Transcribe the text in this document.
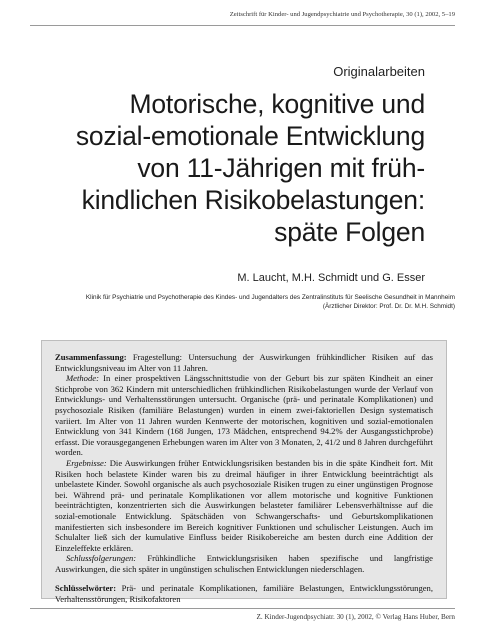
Zeitschrift für Kinder- und Jugendpsychiatrie und Psychotherapie, 30 (1), 2002, 5–19
Originalarbeiten
Motorische, kognitive und
sozial-emotionale Entwicklung
von 11-Jährigen mit früh-
kindlichen Risikobelastungen:
späte Folgen
M. Laucht, M.H. Schmidt und G. Esser
Klinik für Psychiatrie und Psychotherapie des Kindes- und Jugendalters des Zentralinstituts für Seelische Gesundheit in Mannheim
(Ärztlicher Direktor: Prof. Dr. Dr. M.H. Schmidt)

Zusammenfassung: Fragestellung: Untersuchung der Auswirkungen frühkindlicher Risiken auf das Entwicklungsniveau im Alter von 11 Jahren.

Methode: In einer prospektiven Längsschnittstudie von der Geburt bis zur späten Kindheit an einer Stichprobe von 362 Kindern mit unterschiedlichen frühkindlichen Risikobelastungen wurde der Verlauf von Entwicklungs- und Verhaltensstörungen untersucht. Organische (prä- und perinatale Komplikationen) und psychosoziale Risiken (familiäre Belastungen) wurden in einem zwei-faktoriellen Design systematisch variiert. Im Alter von 11 Jahren wurden Kennwerte der motorischen, kognitiven und sozial-emotionalen Entwicklung von 341 Kindern (168 Jungen, 173 Mädchen, entsprechend 94.2% der Ausgangsstichprobe) erfasst. Die vorausgegangenen Erhebungen waren im Alter von 3 Monaten, 2, 41/2 und 8 Jahren durchgeführt worden.

Ergebnisse: Die Auswirkungen früher Entwicklungsrisiken bestanden bis in die späte Kindheit fort. Mit Risiken hoch belastete Kinder waren bis zu dreimal häufiger in ihrer Entwicklung beeinträchtigt als unbelastete Kinder. Sowohl organische als auch psychosoziale Risiken trugen zu einer ungünstigen Prognose bei. Während prä- und perinatale Komplikationen vor allem motorische und kognitive Funktionen beeinträchtigten, konzentrierten sich die Auswirkungen belasteter familiärer Lebensverhältnisse auf die sozial-emotionale Entwicklung. Spätschäden von Schwangerschafts- und Geburtskomplikationen manifestierten sich insbesondere im Bereich kognitiver Funktionen und schulischer Leistungen. Auch im Schulalter ließ sich der kumulative Einfluss beider Risikobereiche am besten durch eine Addition der Einzeleffekte erklären.

Schlussfolgerungen: Frühkindliche Entwicklungsrisiken haben spezifische und langfristige Auswirkungen, die sich später in ungünstigen schulischen Entwicklungen niederschlagen.

Schlüsselwörter: Prä- und perinatale Komplikationen, familiäre Belastungen, Entwicklungsstörungen, Verhaltensstörungen, Risikofaktoren

Z. Kinder-Jugendpsychiatr. 30 (1), 2002, © Verlag Hans Huber, Bern
